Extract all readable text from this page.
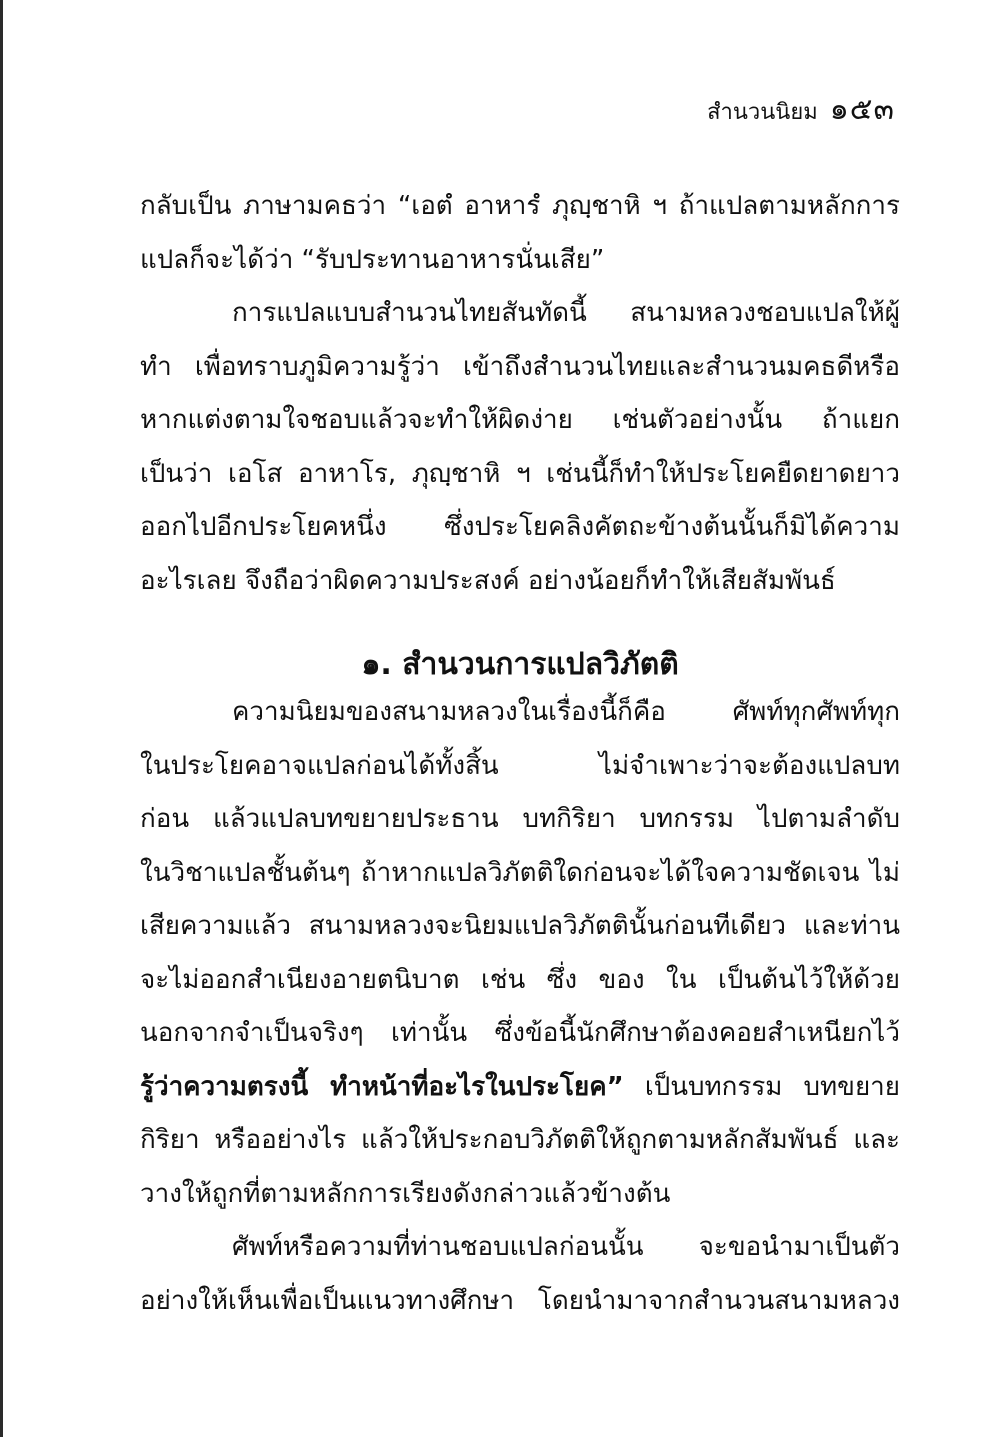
สำนวนนิยม ๑๕๓
กลับเป็น ภาษามคธว่า “เอตํ อาหารํ ภุญฺชาหิ ฯ ถ้าแปลตามหลักการ
แปลก็จะได้ว่า “รับประทานอาหารนั่นเสีย”
การแปลแบบสำนวนไทยสันทัดนี้ สนามหลวงชอบแปลให้ผู้
ทำ เพื่อทราบภูมิความรู้ว่า เข้าถึงสำนวนไทยและสำนวนมคธดีหรือ
หากแต่งตามใจชอบแล้วจะทำให้ผิดง่าย เช่นตัวอย่างนั้น ถ้าแยก
เป็นว่า เอโส อาหาโร, ภุญฺชาหิ ฯ เช่นนี้ก็ทำให้ประโยคยืดยาดยาว
ออกไปอีกประโยคหนึ่ง ซึ่งประโยคลิงคัตถะข้างต้นนั้นก็มิได้ความ
อะไรเลย จึงถือว่าผิดความประสงค์ อย่างน้อยก็ทำให้เสียสัมพันธ์
๑. สำนวนการแปลวิภัตติ
ความนิยมของสนามหลวงในเรื่องนี้ก็คือ ศัพท์ทุกศัพท์ทุก
ในประโยคอาจแปลก่อนได้ทั้งสิ้น ไม่จำเพาะว่าจะต้องแปลบท
ก่อน แล้วแปลบทขยายประธาน บทกิริยา บทกรรม ไปตามลำดับ
ในวิชาแปลชั้นต้นๆ ถ้าหากแปลวิภัตติใดก่อนจะได้ใจความชัดเจน ไม่
เสียความแล้ว สนามหลวงจะนิยมแปลวิภัตตินั้นก่อนทีเดียว และท่าน
จะไม่ออกสำเนียงอายตนิบาต เช่น ซึ่ง ของ ใน เป็นต้นไว้ให้ด้วย
นอกจากจำเป็นจริงๆ เท่านั้น ซึ่งข้อนี้นักศึกษาต้องคอยสำเหนียกไว้
รู้ว่าความตรงนี้ ทำหน้าที่อะไรในประโยค” เป็นบทกรรม บทขยาย
กิริยา หรืออย่างไร แล้วให้ประกอบวิภัตติให้ถูกตามหลักสัมพันธ์ และ
วางให้ถูกที่ตามหลักการเรียงดังกล่าวแล้วข้างต้น
ศัพท์หรือความที่ท่านชอบแปลก่อนนั้น จะขอนำมาเป็นตัว
อย่างให้เห็นเพื่อเป็นแนวทางศึกษา โดยนำมาจากสำนวนสนามหลวง
